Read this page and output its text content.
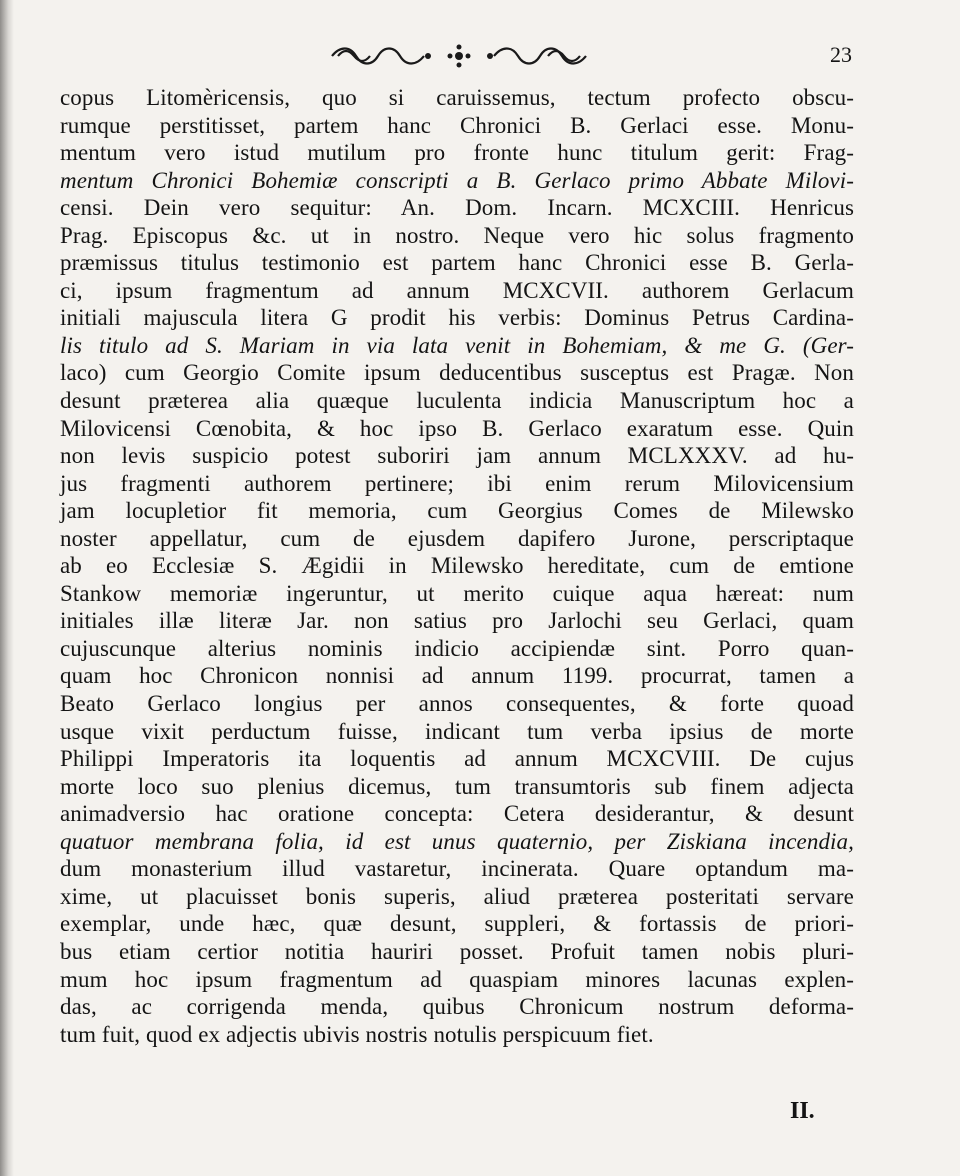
23
copus Litomèricensis, quo si caruissemus, tectum profecto obscu-
rumque perstitisset, partem hanc Chronici B. Gerlaci esse. Monu-
mentum vero istud mutilum pro fronte hunc titulum gerit: Frag-
mentum Chronici Bohemiæ conscripti a B. Gerlaco primo Abbate Milovi-
censi. Dein vero sequitur: An. Dom. Incarn. MCXCIII. Henricus
Prag. Episcopus &c. ut in nostro. Neque vero hic solus fragmento
præmissus titulus testimonio est partem hanc Chronici esse B. Gerla-
ci, ipsum fragmentum ad annum MCXCVII. authorem Gerlacum
initiali majuscula litera G prodit his verbis: Dominus Petrus Cardina-
lis titulo ad S. Mariam in via lata venit in Bohemiam, & me G. (Ger-
laco) cum Georgio Comite ipsum deducentibus susceptus est Pragæ. Non
desunt præterea alia quæque luculenta indicia Manuscriptum hoc a
Milovicensi Cœnobita, & hoc ipso B. Gerlaco exaratum esse. Quin
non levis suspicio potest suboriri jam annum MCLXXXV. ad hu-
jus fragmenti authorem pertinere; ibi enim rerum Milovicensium
jam locupletior fit memoria, cum Georgius Comes de Milewsko
noster appellatur, cum de ejusdem dapifero Jurone, perscriptaque
ab eo Ecclesiæ S. Ægidii in Milewsko hereditate, cum de emtione
Stankow memoriæ ingeruntur, ut merito cuique aqua hæreat: num
initiales illæ literæ Jar. non satius pro Jarlochi seu Gerlaci, quam
cujuscunque alterius nominis indicio accipiendæ sint. Porro quan-
quam hoc Chronicon nonnisi ad annum 1199. procurrat, tamen a
Beato Gerlaco longius per annos consequentes, & forte quoad
usque vixit perductum fuisse, indicant tum verba ipsius de morte
Philippi Imperatoris ita loquentis ad annum MCXCVIII. De cujus
morte loco suo plenius dicemus, tum transumtoris sub finem adjecta
animadversio hac oratione concepta: Cetera desiderantur, & desunt
quatuor membrana folia, id est unus quaternio, per Ziskiana incendia,
dum monasterium illud vastaretur, incinerata. Quare optandum ma-
xime, ut placuisset bonis superis, aliud præterea posteritati servare
exemplar, unde hæc, quæ desunt, suppleri, & fortassis de priori-
bus etiam certior notitia hauriri posset. Profuit tamen nobis pluri-
mum hoc ipsum fragmentum ad quaspiam minores lacunas explen-
das, ac corrigenda menda, quibus Chronicum nostrum deforma-
tum fuit, quod ex adjectis ubivis nostris notulis perspicuum fiet.
II.
